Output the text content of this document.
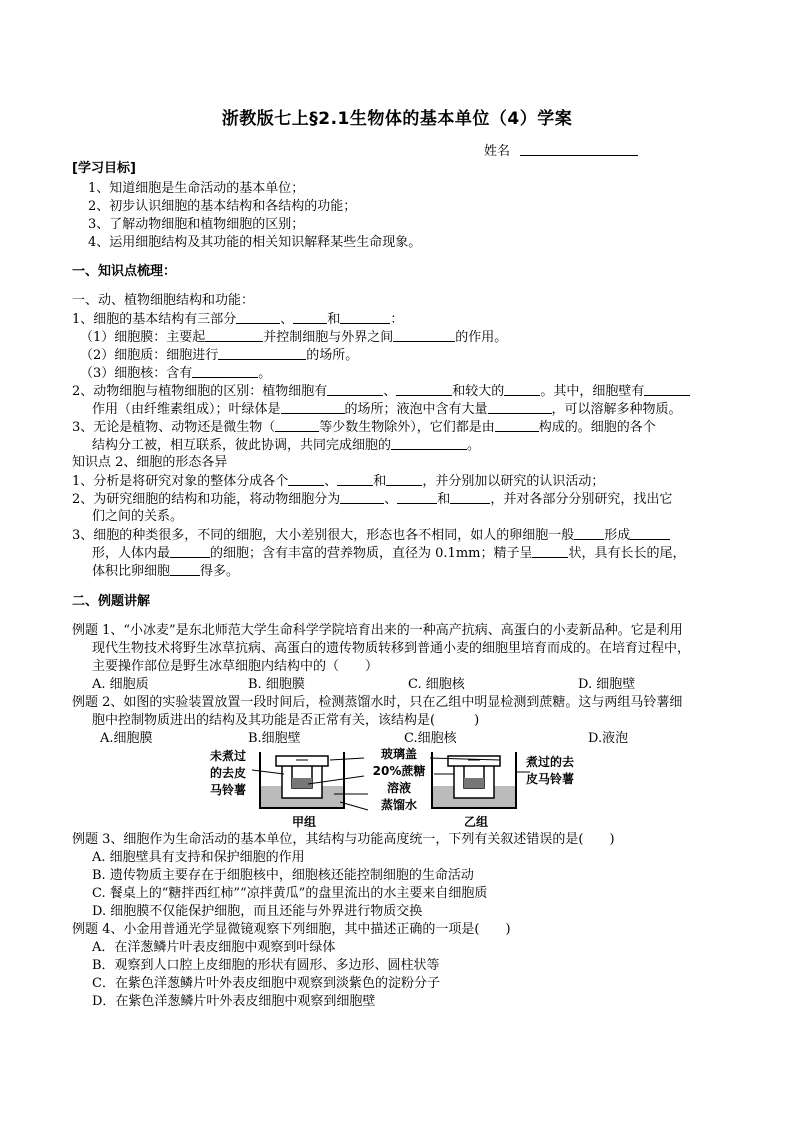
浙教版七上§2.1生物体的基本单位（4）学案
姓名
[学习目标]
1、知道细胞是生命活动的基本单位；
2、初步认识细胞的基本结构和各结构的功能；
3、了解动物细胞和植物细胞的区别；
4、运用细胞结构及其功能的相关知识解释某些生命现象。
一、知识点梳理：
一、动、植物细胞结构和功能：
1、细胞的基本结构有三部分	、	和	：
（1）细胞膜：主要起	并控制细胞与外界之间	的作用。
（2）细胞质：细胞进行	的场所。
（3）细胞核：含有	。
2、动物细胞与植物细胞的区别：植物细胞有	、	和较大的	。其中，细胞壁有
作用（由纤维素组成）；叶绿体是	的场所；液泡中含有大量	，可以溶解多种物质。
3、无论是植物、动物还是微生物（	等少数生物除外），它们都是由	构成的。细胞的各个
结构分工被，相互联系，彼此协调，共同完成细胞的	。
知识点 2、细胞的形态各异
1、分析是将研究对象的整体分成各个	、	和	，并分别加以研究的认识活动；
2、为研究细胞的结构和功能，将动物细胞分为	、	和	，并对各部分分别研究，找出它
们之间的关系。
3、细胞的种类很多，不同的细胞，大小差别很大，形态也各不相同，如人的卵细胞一般 形成
形，人体内最	的细胞；含有丰富的营养物质，直径为 0.1mm；精子呈	状，具有长长的尾，
体积比卵细胞 得多。
二、例题讲解
例题 1、“小冰麦”是东北师范大学生命科学学院培育出来的一种高产抗病、高蛋白的小麦新品种。它是利用
现代生物技术将野生冰草抗病、高蛋白的遗传物质转移到普通小麦的细胞里培育而成的。在培育过程中，
主要操作部位是野生冰草细胞内结构中的（　　）
A. 细胞质	B. 细胞膜	C. 细胞核	D. 细胞壁
例题 2、如图的实验装置放置一段时间后，检测蒸馏水时，只在乙组中明显检测到蔗糖。这与两组马铃薯细
胞中控制物质进出的结构及其功能是否正常有关，该结构是(　　　)
A.细胞膜	B.细胞壁	C.细胞核	D.液泡
例题 3、细胞作为生命活动的基本单位，其结构与功能高度统一，下列有关叙述错误的是(　　)
A. 细胞壁具有支持和保护细胞的作用
B. 遗传物质主要存在于细胞核中，细胞核还能控制细胞的生命活动
C. 餐桌上的“糖拌西红柿”“凉拌黄瓜”的盘里流出的水主要来自细胞质
D. 细胞膜不仅能保护细胞，而且还能与外界进行物质交换
例题 4、小金用普通光学显微镜观察下列细胞，其中描述正确的一项是(　　)
A．在洋葱鳞片叶表皮细胞中观察到叶绿体
B．观察到人口腔上皮细胞的形状有圆形、多边形、圆柱状等
C．在紫色洋葱鳞片叶外表皮细胞中观察到淡紫色的淀粉分子
D．在紫色洋葱鳞片叶外表皮细胞中观察到细胞壁
未煮过
的去皮
马铃薯
玻璃盖
20%蔗糖
溶液
蒸馏水
煮过的去
皮马铃薯
甲组	乙组
